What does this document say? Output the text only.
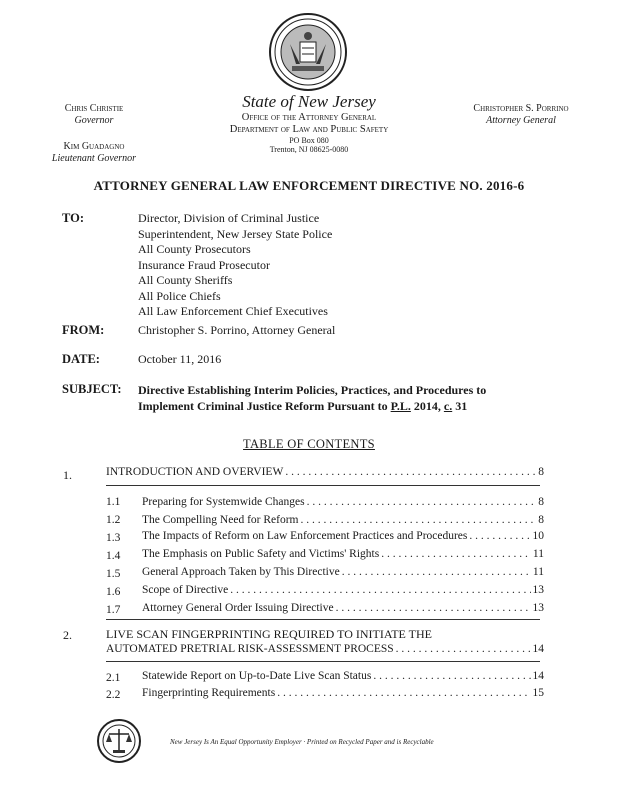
Chris Christie
Governor
Kim Guadagno
Lieutenant Governor
State of New Jersey
Office of the Attorney General
Department of Law and Public Safety
PO Box 080
Trenton, NJ 08625-0080
Christopher S. Porrino
Attorney General
ATTORNEY GENERAL LAW ENFORCEMENT DIRECTIVE NO. 2016-6
TO:	Director, Division of Criminal Justice
Superintendent, New Jersey State Police
All County Prosecutors
Insurance Fraud Prosecutor
All County Sheriffs
All Police Chiefs
All Law Enforcement Chief Executives
FROM:	Christopher S. Porrino, Attorney General
DATE:	October 11, 2016
SUBJECT: Directive Establishing Interim Policies, Practices, and Procedures to
Implement Criminal Justice Reform Pursuant to P.L. 2014, c. 31
TABLE OF CONTENTS
1.	INTRODUCTION AND OVERVIEW . . .	8
1.1 Preparing for Systemwide Changes . . .	8
1.2 The Compelling Need for Reform . . .	8
1.3 The Impacts of Reform on Law Enforcement Practices and Procedures . . .	10
1.4 The Emphasis on Public Safety and Victims' Rights . . .	11
1.5 General Approach Taken by This Directive . . .	11
1.6 Scope of Directive . . .	13
1.7 Attorney General Order Issuing Directive . . .	13
2.	LIVE SCAN FINGERPRINTING REQUIRED TO INITIATE THE
AUTOMATED PRETRIAL RISK-ASSESSMENT PROCESS . . .	14
2.1 Statewide Report on Up-to-Date Live Scan Status . . .	14
2.2 Fingerprinting Requirements . . .	15
New Jersey Is An Equal Opportunity Employer · Printed on Recycled Paper and is Recyclable
